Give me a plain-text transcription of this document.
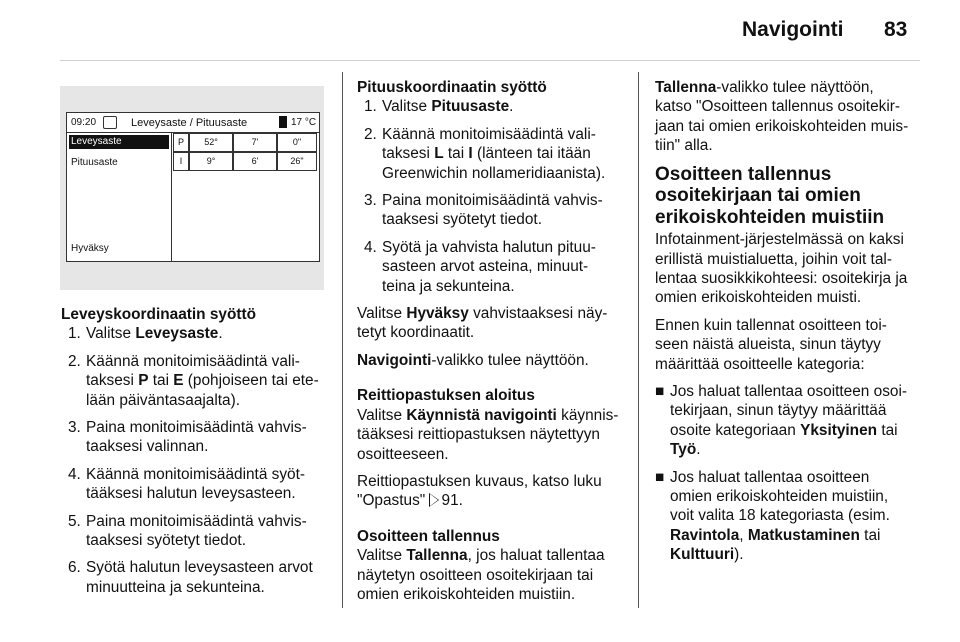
Navigointi 83
09:20	Leveysaste / Pituusaste	17 °C
Leveysaste
Pituusaste
Hyväksy
P	52°	7'	0"
I	9°	6'	26"

Leveyskoordinaatin syöttö

1. Valitse Leveysaste.
2. Käännä monitoimisäädintä vali-
taksesi P tai E (pohjoiseen tai ete-
lään päiväntasaajalta).
3. Paina monitoimisäädintä vahvis-
taaksesi valinnan.
4. Käännä monitoimisäädintä syöt-
tääksesi halutun leveysasteen.
5. Paina monitoimisäädintä vahvis-
taaksesi syötetyt tiedot.
6. Syötä halutun leveysasteen arvot
minuutteina ja sekunteina.

Pituuskoordinaatin syöttö

1. Valitse Pituusaste.
2. Käännä monitoimisäädintä vali-
taksesi L tai I (länteen tai itään
Greenwichin nollameridiaanista).
3. Paina monitoimisäädintä vahvis-
taaksesi syötetyt tiedot.
4. Syötä ja vahvista halutun pituu-
sasteen arvot asteina, minuut-
teina ja sekunteina.

Valitse Hyväksy vahvistaaksesi näy-
tetyt koordinaatit.

Navigointi-valikko tulee näyttöön.

Reittiopastuksen aloitus

Valitse Käynnistä navigointi käynnis-
tääksesi reittiopastuksen näytettyyn
osoitteeseen.

Reittiopastuksen kuvaus, katso luku
"Opastus"
91.

Osoitteen tallennus

Valitse Tallenna, jos haluat tallentaa
näytetyn osoitteen osoitekirjaan tai
omien erikoiskohteiden muistiin.

Tallenna-valikko tulee näyttöön,
katso "Osoitteen tallennus osoitekir-
jaan tai omien erikoiskohteiden muis-
tiin" alla.

Osoitteen tallennus
osoitekirjaan tai omien
erikoiskohteiden muistiin

Infotainment-järjestelmässä on kaksi
erillistä muistialuetta, joihin voit tal-
lentaa suosikkikohteesi: osoitekirja ja
omien erikoiskohteiden muisti.

Ennen kuin tallennat osoitteen toi-
seen näistä alueista, sinun täytyy
määrittää osoitteelle kategoria:

■ Jos haluat tallentaa osoitteen osoi-
tekirjaan, sinun täytyy määrittää
osoite kategoriaan Yksityinen tai
Työ.
■ Jos haluat tallentaa osoitteen
omien erikoiskohteiden muistiin,
voit valita 18 kategoriasta (esim.
Ravintola, Matkustaminen tai
Kulttuuri).
